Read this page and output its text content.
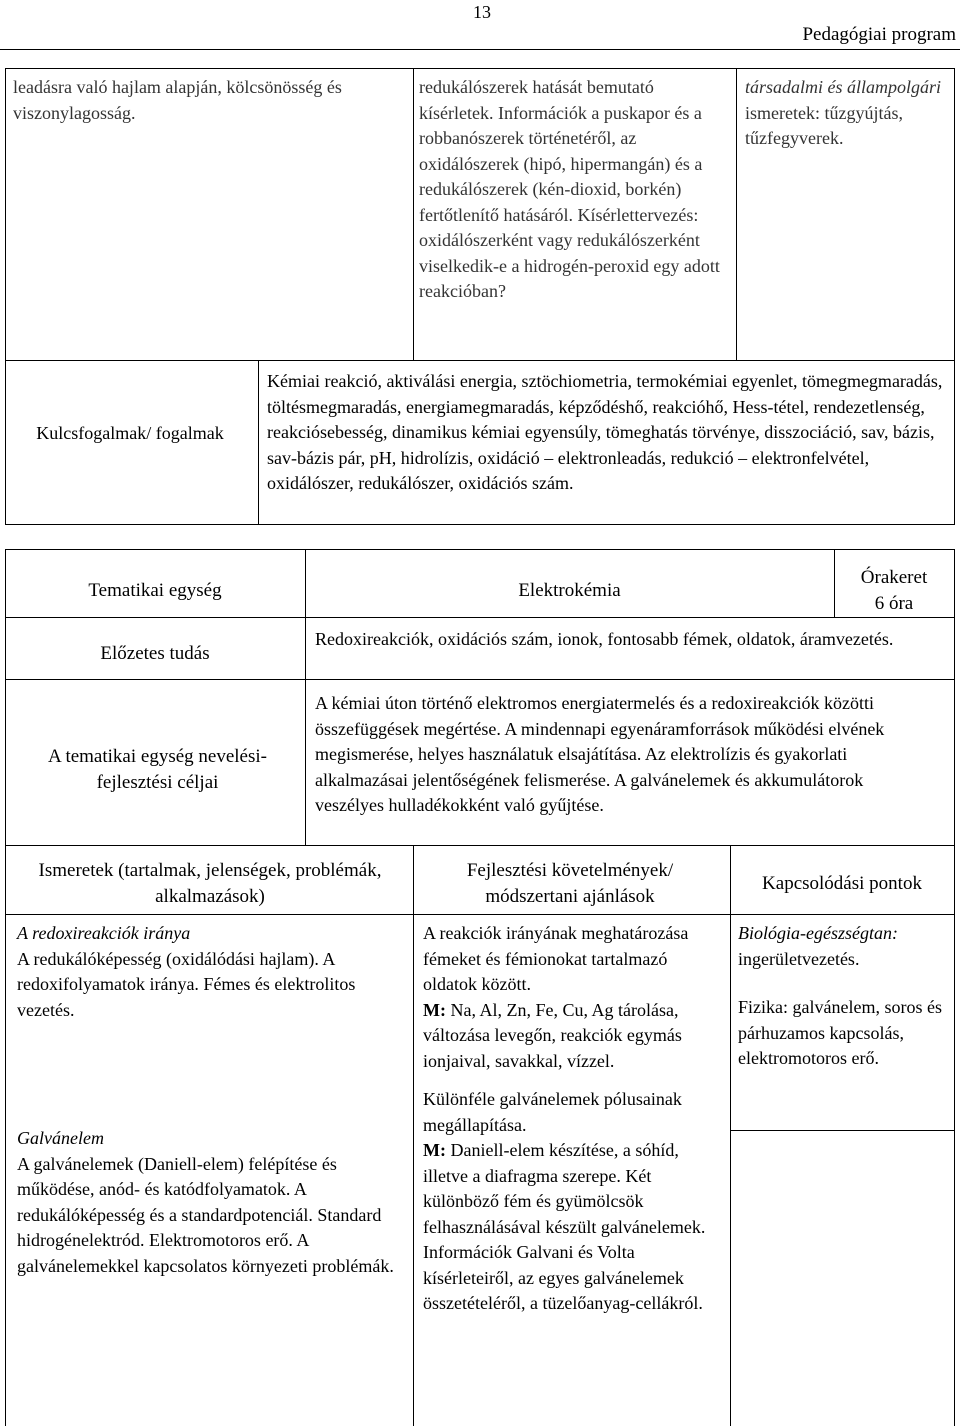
13
Pedagógiai program
leadásra való hajlam alapján, kölcsönösség és viszonylagosság.
redukálószerek hatását bemutató kísérletek. Információk a puskapor és a robbanószerek történetéről, az oxidálószerek (hipó, hipermangán) és a redukálószerek (kén-dioxid, borkén) fertőtlenítő hatásáról. Kísérlettervezés: oxidálószerként vagy redukálószerként viselkedik-e a hidrogén-peroxid egy adott reakcióban?
társadalmi és állampolgári ismeretek: tűzgyújtás, tűzfegyverek.
Kulcsfogalmak/ fogalmak
Kémiai reakció, aktiválási energia, sztöchiometria, termokémiai egyenlet, tömegmegmaradás, töltésmegmaradás, energiamegmaradás, képződéshő, reakcióhő, Hess-tétel, rendezetlenség, reakciósebesség, dinamikus kémiai egyensúly, tömeghatás törvénye, disszociáció, sav, bázis, sav-bázis pár, pH, hidrolízis, oxidáció – elektronleadás, redukció – elektronfelvétel, oxidálószer, redukálószer, oxidációs szám.
Tematikai egység	Elektrokémia
Órakeret
6 óra
Előzetes tudás
Redoxireakciók, oxidációs szám, ionok, fontosabb fémek, oldatok, áramvezetés.
A tematikai egység nevelési-fejlesztési céljai
A kémiai úton történő elektromos energiatermelés és a redoxireakciók közötti összefüggések megértése. A mindennapi egyenáramforrások működési elvének megismerése, helyes használatuk elsajátítása. Az elektrolízis és gyakorlati alkalmazásai jelentőségének felismerése. A galvánelemek és akkumulátorok veszélyes hulladékokként való gyűjtése.
Ismeretek (tartalmak, jelenségek, problémák, alkalmazások)
Fejlesztési követelmények/ módszertani ajánlások
Kapcsolódási pontok

A redoxireakciók iránya

A redukálóképesség (oxidálódási hajlam). A redoxifolyamatok iránya. Fémes és elektrolitos vezetés.

Galvánelem

A galvánelemek (Daniell-elem) felépítése és működése, anód- és katódfolyamatok. A redukálóképesség és a standardpotenciál. Standard hidrogénelektród. Elektromotoros erő. A galvánelemekkel kapcsolatos környezeti problémák.

A reakciók irányának meghatározása fémeket és fémionokat tartalmazó oldatok között.

M: Na, Al, Zn, Fe, Cu, Ag tárolása, változása levegőn, reakciók egymás ionjaival, savakkal, vízzel.

Különféle galvánelemek pólusainak megállapítása.

M: Daniell-elem készítése, a sóhíd, illetve a diafragma szerepe. Két különböző fém és gyümölcsök felhasználásával készült galvánelemek. Információk Galvani és Volta kísérleteiről, az egyes galvánelemek összetételéről, a tüzelőanyag-cellákról.

Biológia-egészségtan:
ingerületvezetés.

Fizika: galvánelem, soros és párhuzamos kapcsolás, elektromotoros erő.
